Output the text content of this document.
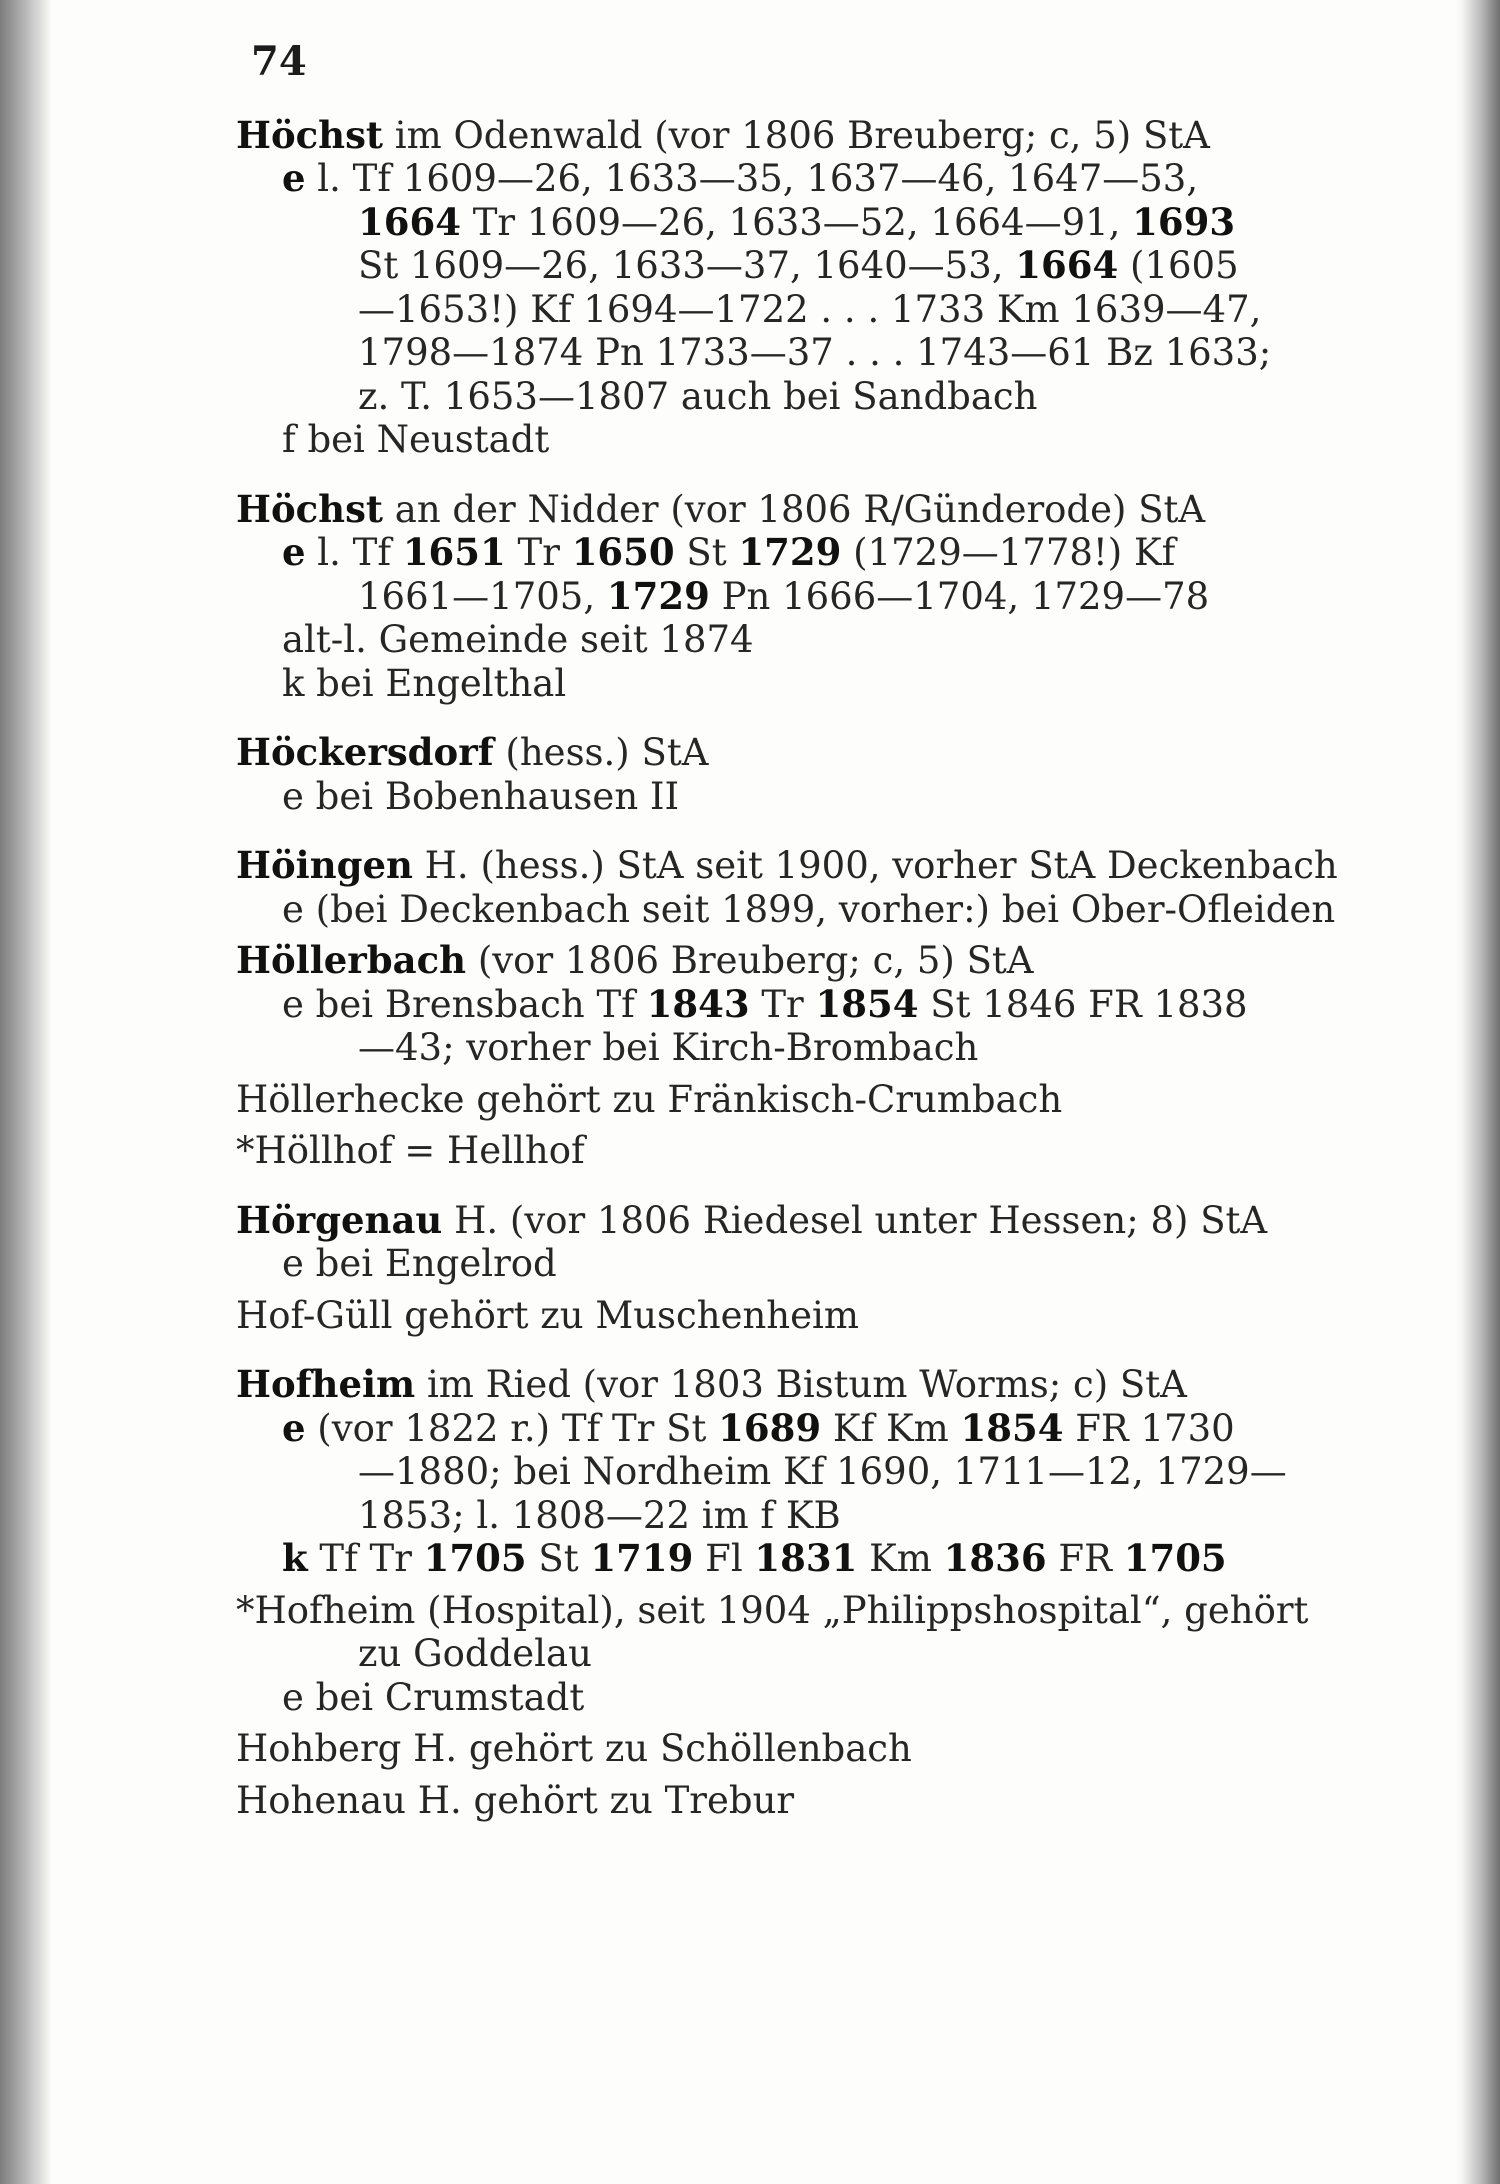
74
Höchst im Odenwald (vor 1806 Breuberg; c, 5) StA
e l. Tf 1609—26, 1633—35, 1637—46, 1647—53,
1664 Tr 1609—26, 1633—52, 1664—91, 1693
St 1609—26, 1633—37, 1640—53, 1664 (1605
—1653!) Kf 1694—1722 . . . 1733 Km 1639—47,
1798—1874 Pn 1733—37 . . . 1743—61 Bz 1633;
z. T. 1653—1807 auch bei Sandbach
f bei Neustadt
Höchst an der Nidder (vor 1806 R/Günderode) StA
e l. Tf 1651 Tr 1650 St 1729 (1729—1778!) Kf
1661—1705, 1729 Pn 1666—1704, 1729—78
alt-l. Gemeinde seit 1874
k bei Engelthal
Höckersdorf (hess.) StA
e bei Bobenhausen II
Höingen H. (hess.) StA seit 1900, vorher StA Deckenbach
e (bei Deckenbach seit 1899, vorher:) bei Ober-Ofleiden
Höllerbach (vor 1806 Breuberg; c, 5) StA
e bei Brensbach Tf 1843 Tr 1854 St 1846 FR 1838
—43; vorher bei Kirch-Brombach
Höllerhecke gehört zu Fränkisch-Crumbach
*Höllhof = Hellhof
Hörgenau H. (vor 1806 Riedesel unter Hessen; 8) StA
e bei Engelrod
Hof-Güll gehört zu Muschenheim
Hofheim im Ried (vor 1803 Bistum Worms; c) StA
e (vor 1822 r.) Tf Tr St 1689 Kf Km 1854 FR 1730
—1880; bei Nordheim Kf 1690, 1711—12, 1729—
1853; l. 1808—22 im f KB
k Tf Tr 1705 St 1719 Fl 1831 Km 1836 FR 1705
*Hofheim (Hospital), seit 1904 „Philippshospital“, gehört
zu Goddelau
e bei Crumstadt
Hohberg H. gehört zu Schöllenbach
Hohenau H. gehört zu Trebur
